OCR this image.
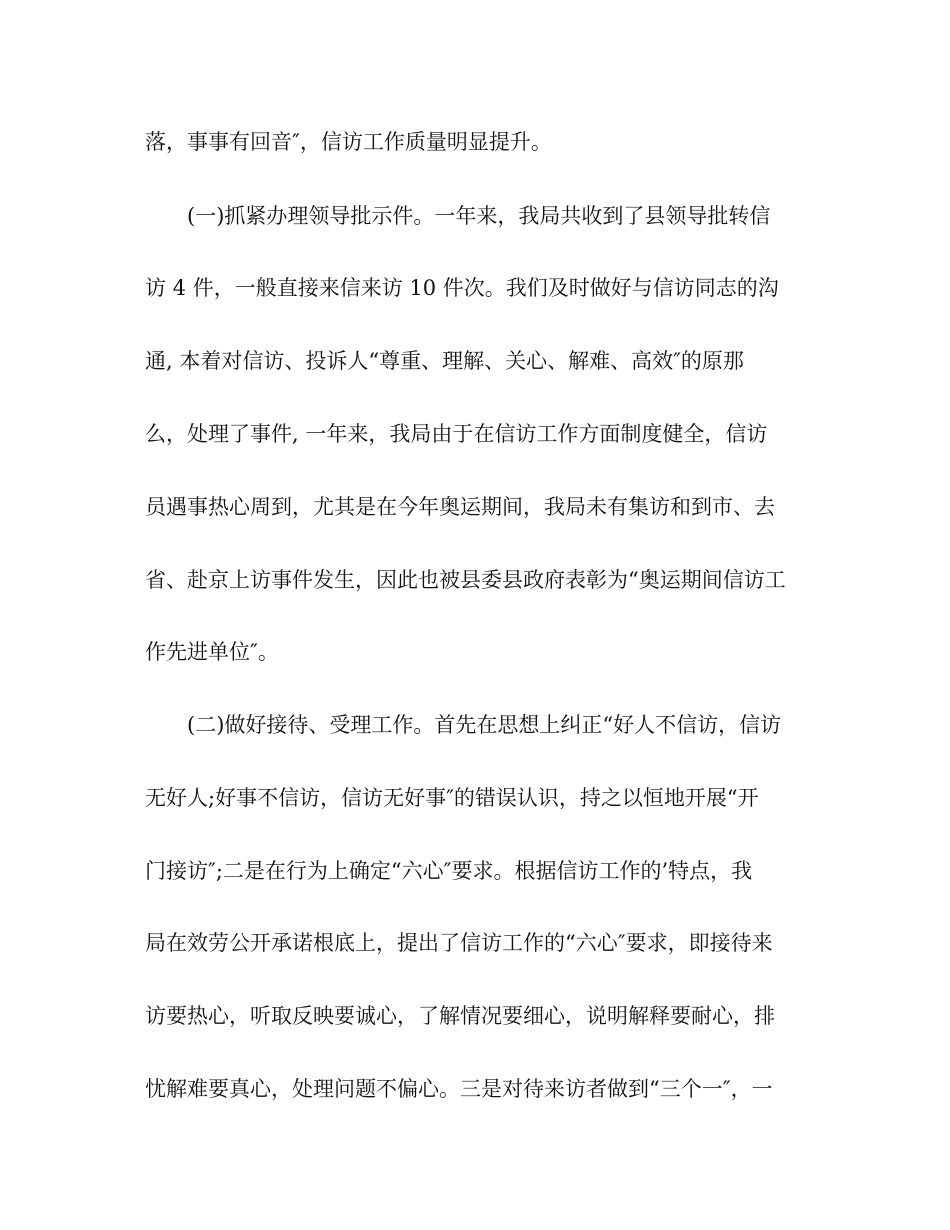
落，事事有回音″，信访工作质量明显提升。
(一)抓紧办理领导批示件。一年来，我局共收到了县领导批转信
访 4 件，一般直接来信来访 10 件次。我们及时做好与信访同志的沟
通, 本着对信访、投诉人“尊重、理解、关心、解难、高效″的原那
么，处理了事件, 一年来，我局由于在信访工作方面制度健全，信访
员遇事热心周到，尤其是在今年奥运期间，我局未有集访和到市、去
省、赴京上访事件发生，因此也被县委县政府表彰为“奥运期间信访工
作先进单位″。
(二)做好接待、受理工作。首先在思想上纠正“好人不信访，信访
无好人;好事不信访，信访无好事″的错误认识，持之以恒地开展“开
门接访″;二是在行为上确定“六心″要求。根据信访工作的’特点，我
局在效劳公开承诺根底上，提出了信访工作的“六心″要求，即接待来
访要热心，听取反映要诚心，了解情况要细心，说明解释要耐心，排
忧解难要真心，处理问题不偏心。三是对待来访者做到“三个一″，一
